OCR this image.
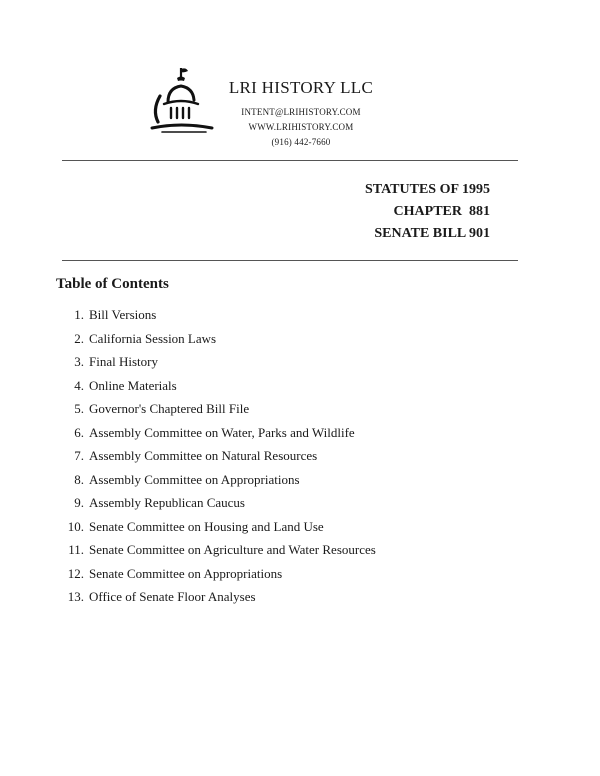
LRI HISTORY LLC
INTENT@LRIHISTORY.COM
WWW.LRIHISTORY.COM
(916) 442-7660
STATUTES OF 1995
CHAPTER  881
SENATE BILL 901
Table of Contents
1. Bill Versions
2. California Session Laws
3. Final History
4. Online Materials
5. Governor's Chaptered Bill File
6. Assembly Committee on Water, Parks and Wildlife
7. Assembly Committee on Natural Resources
8. Assembly Committee on Appropriations
9. Assembly Republican Caucus
10. Senate Committee on Housing and Land Use
11. Senate Committee on Agriculture and Water Resources
12. Senate Committee on Appropriations
13. Office of Senate Floor Analyses
